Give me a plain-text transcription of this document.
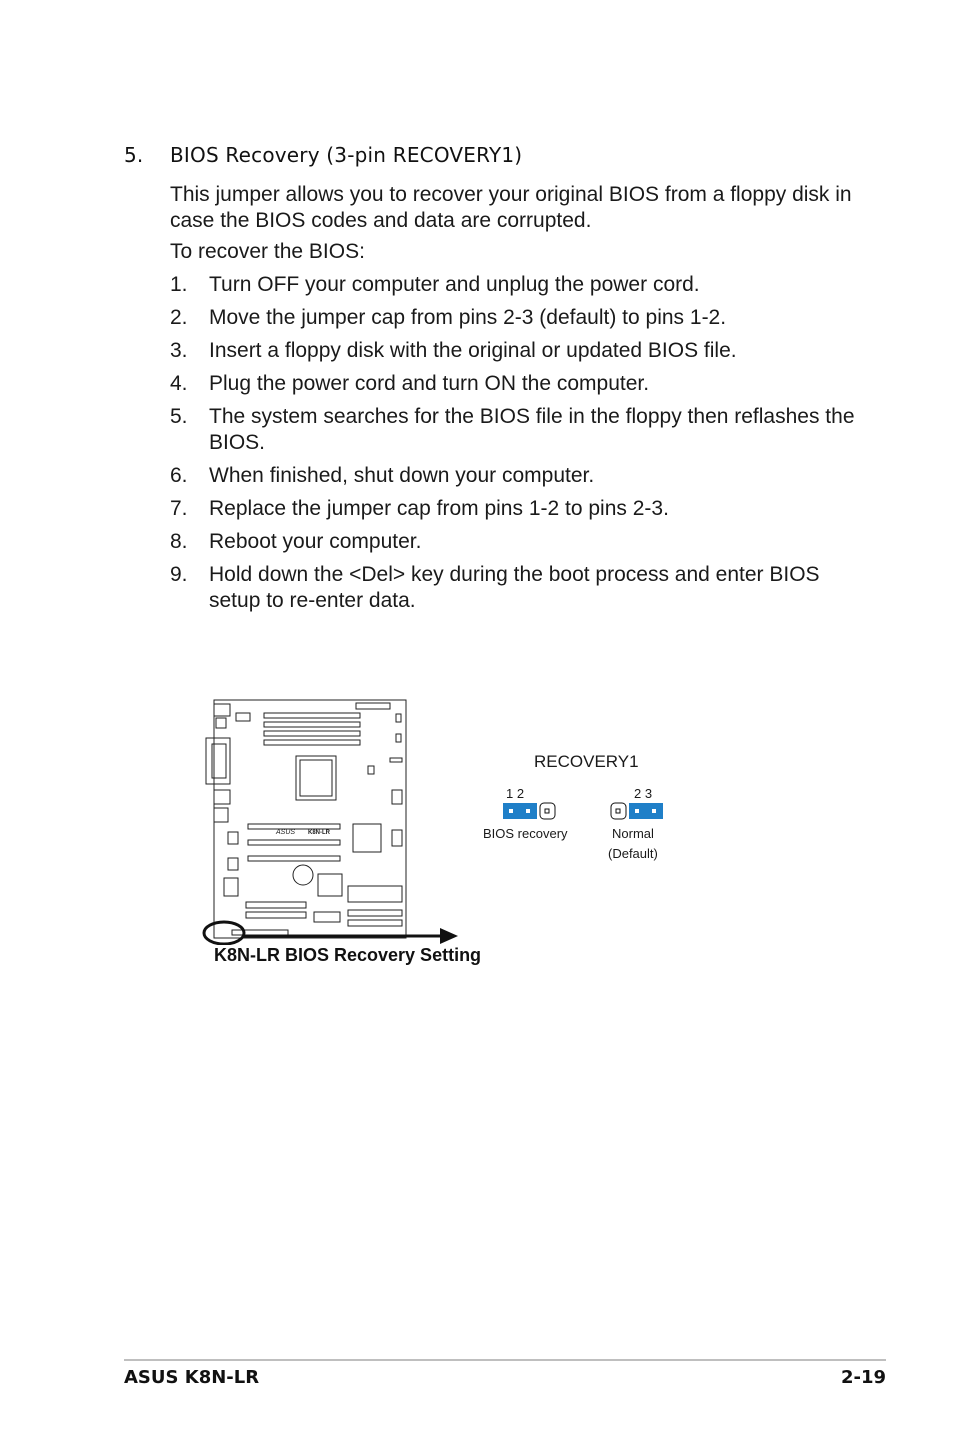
5. BIOS Recovery (3-pin RECOVERY1)

This jumper allows you to recover your original BIOS from a floppy disk in case the BIOS codes and data are corrupted.

To recover the BIOS:
1. Turn OFF your computer and unplug the power cord.
2. Move the jumper cap from pins 2-3 (default) to pins 1-2.
3. Insert a floppy disk with the original or updated BIOS file.
4. Plug the power cord and turn ON the computer.
5. The system searches for the BIOS file in the floppy then reflashes the BIOS.
6. When finished, shut down your computer.
7. Replace the jumper cap from pins 1-2 to pins 2-3.
8. Reboot your computer.
9. Hold down the <Del> key during the boot process and enter BIOS setup to re-enter data.
ASUS K8N-LR
K8N-LR BIOS Recovery Setting
RECOVERY1
1 2
BIOS recovery
2 3
Normal
(Default)
ASUS K8N-LR	2-19
